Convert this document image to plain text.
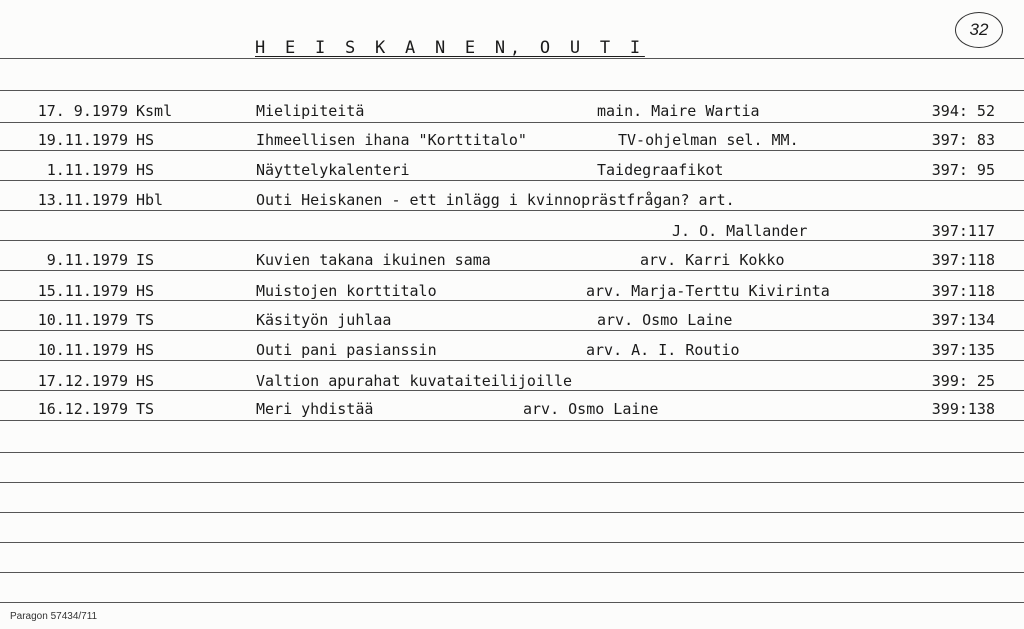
H E I S K A N E N, O U T I
32
17. 9.1979 Ksml	Mielipiteitä	main. Maire Wartia	394: 52
19.11.1979 HS	Ihmeellisen ihana "Korttitalo"	TV-ohjelman sel. MM.	397: 83
1.11.1979 HS	Näyttelykalenteri	Taidegraafikot	397: 95
13.11.1979 Hbl	Outi Heiskanen - ett inlägg i kvinnoprästfrågan? art.
J. O. Mallander	397:117
9.11.1979 IS	Kuvien takana ikuinen sama	arv. Karri Kokko	397:118
15.11.1979 HS	Muistojen korttitalo	arv. Marja-Terttu Kivirinta	397:118
10.11.1979 TS	Käsityön juhlaa	arv. Osmo Laine	397:134
10.11.1979 HS	Outi pani pasianssin	arv. A. I. Routio	397:135
17.12.1979 HS	Valtion apurahat kuvataiteilijoille	399: 25
16.12.1979 TS	Meri yhdistää	arv. Osmo Laine	399:138
Paragon 57434/711
